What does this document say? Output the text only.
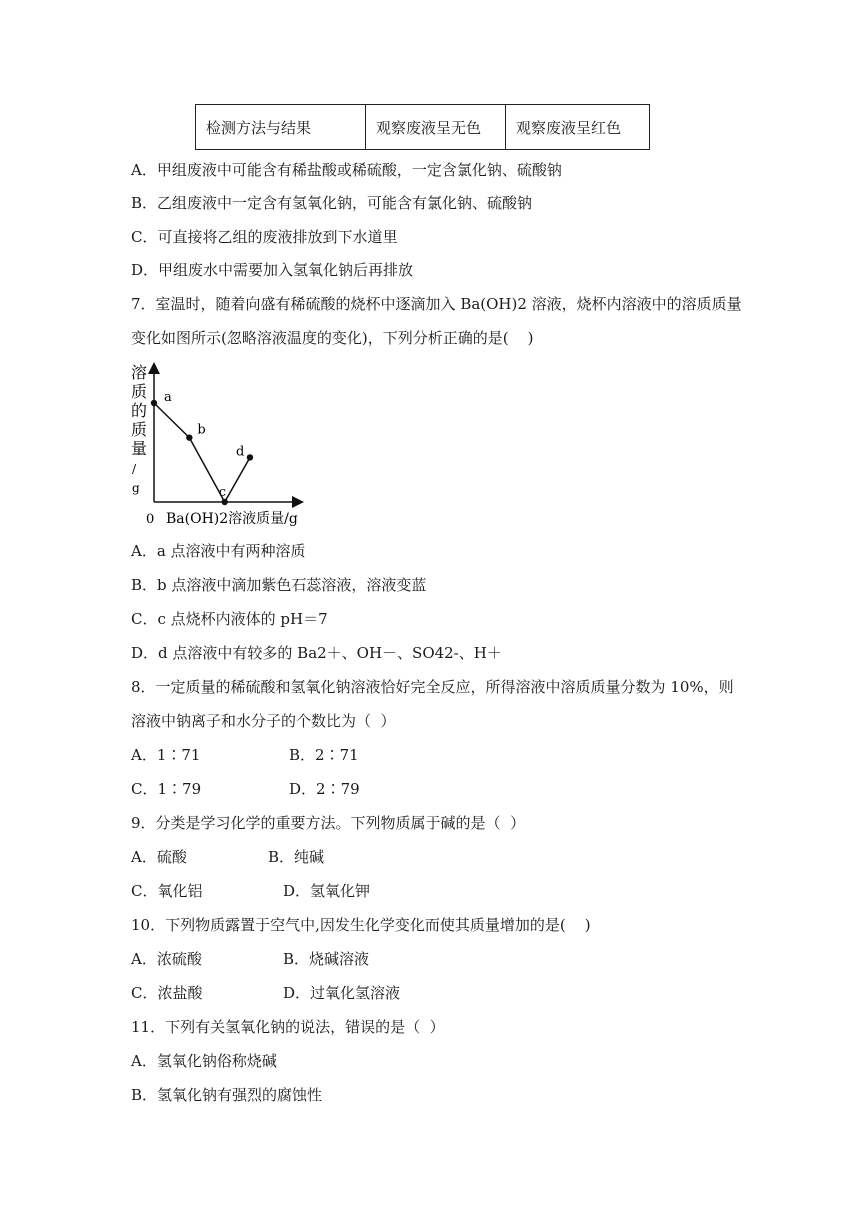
检测方法与结果	观察废液呈无色	观察废液呈红色
A．甲组废液中可能含有稀盐酸或稀硫酸，一定含氯化钠、硫酸钠
B．乙组废液中一定含有氢氧化钠，可能含有氯化钠、硫酸钠
C．可直接将乙组的废液排放到下水道里
D．甲组废水中需要加入氢氧化钠后再排放
7．室温时，随着向盛有稀硫酸的烧杯中逐滴加入 Ba(OH)2 溶液，烧杯内溶液中的溶质质量
变化如图所示(忽略溶液温度的变化)，下列分析正确的是(    )
溶
质
的
质
量
/
g
0 Ba(OH)2溶液质量/g
a
b
c
d
A．a 点溶液中有两种溶质
B．b 点溶液中滴加紫色石蕊溶液，溶液变蓝
C．c 点烧杯内液体的 pH＝7
D．d 点溶液中有较多的 Ba2＋、OH－、SO42-、H＋
8．一定质量的稀硫酸和氢氧化钠溶液恰好完全反应，所得溶液中溶质质量分数为 10%，则
溶液中钠离子和水分子的个数比为（  ）
A．1∶71	B．2∶71
C．1∶79	D．2∶79
9．分类是学习化学的重要方法。下列物质属于碱的是（  ）
A．硫酸	B．纯碱
C．氧化铝	D．氢氧化钾
10．下列物质露置于空气中,因发生化学变化而使其质量增加的是(    )
A．浓硫酸	B．烧碱溶液
C．浓盐酸	D．过氧化氢溶液
11．下列有关氢氧化钠的说法，错误的是（  ）
A．氢氧化钠俗称烧碱
B．氢氧化钠有强烈的腐蚀性
